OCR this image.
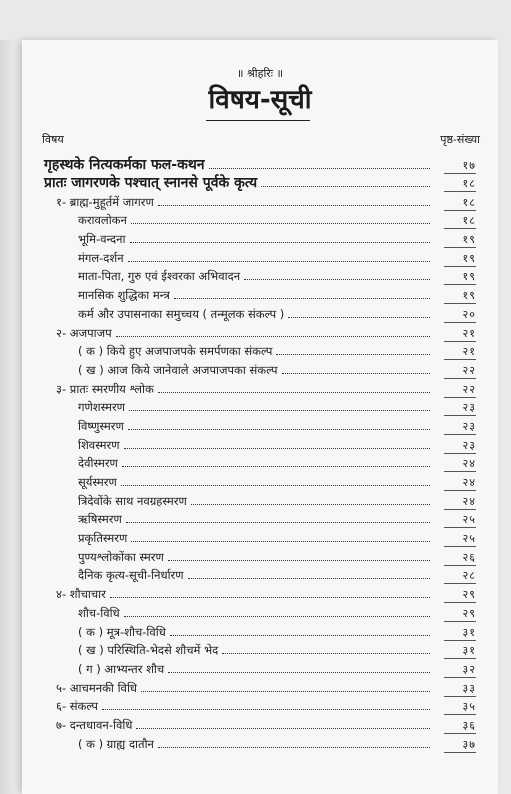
॥ श्रीहरिः ॥
विषय-सूची
विषय	पृष्ठ-संख्या
गृहस्थके नित्यकर्मका फल-कथन	१७
प्रातः जागरणके पश्चात् स्नानसे पूर्वके कृत्य	१८
१- ब्राह्म-मुहूर्तमें जागरण	१८
करावलोकन	१८
भूमि-वन्दना	१९
मंगल-दर्शन	१९
माता-पिता, गुरु एवं ईश्वरका अभिवादन	१९
मानसिक शुद्धिका मन्त्र	१९
कर्म और उपासनाका समुच्चय ( तन्मूलक संकल्प )	२०
२- अजपाजप	२१
( क ) किये हुए अजपाजपके समर्पणका संकल्प	२१
( ख ) आज किये जानेवाले अजपाजपका संकल्प	२२
३- प्रातः स्मरणीय श्लोक	२२
गणेशस्मरण	२३
विष्णुस्मरण	२३
शिवस्मरण	२३
देवीस्मरण	२४
सूर्यस्मरण	२४
त्रिदेवोंके साथ नवग्रहस्मरण	२४
ऋषिस्मरण	२५
प्रकृतिस्मरण	२५
पुण्यश्लोकोंका स्मरण	२६
दैनिक कृत्य-सूची-निर्धारण	२८
४- शौचाचार	२९
शौच-विधि	२९
( क ) मूत्र-शौच-विधि	३१
( ख ) परिस्थिति-भेदसे शौचमें भेद	३१
( ग ) आभ्यन्तर शौच	३२
५- आचमनकी विधि	३३
६- संकल्प	३५
७- दन्तधावन-विधि	३६
( क ) ग्राह्य दातौन	३७
